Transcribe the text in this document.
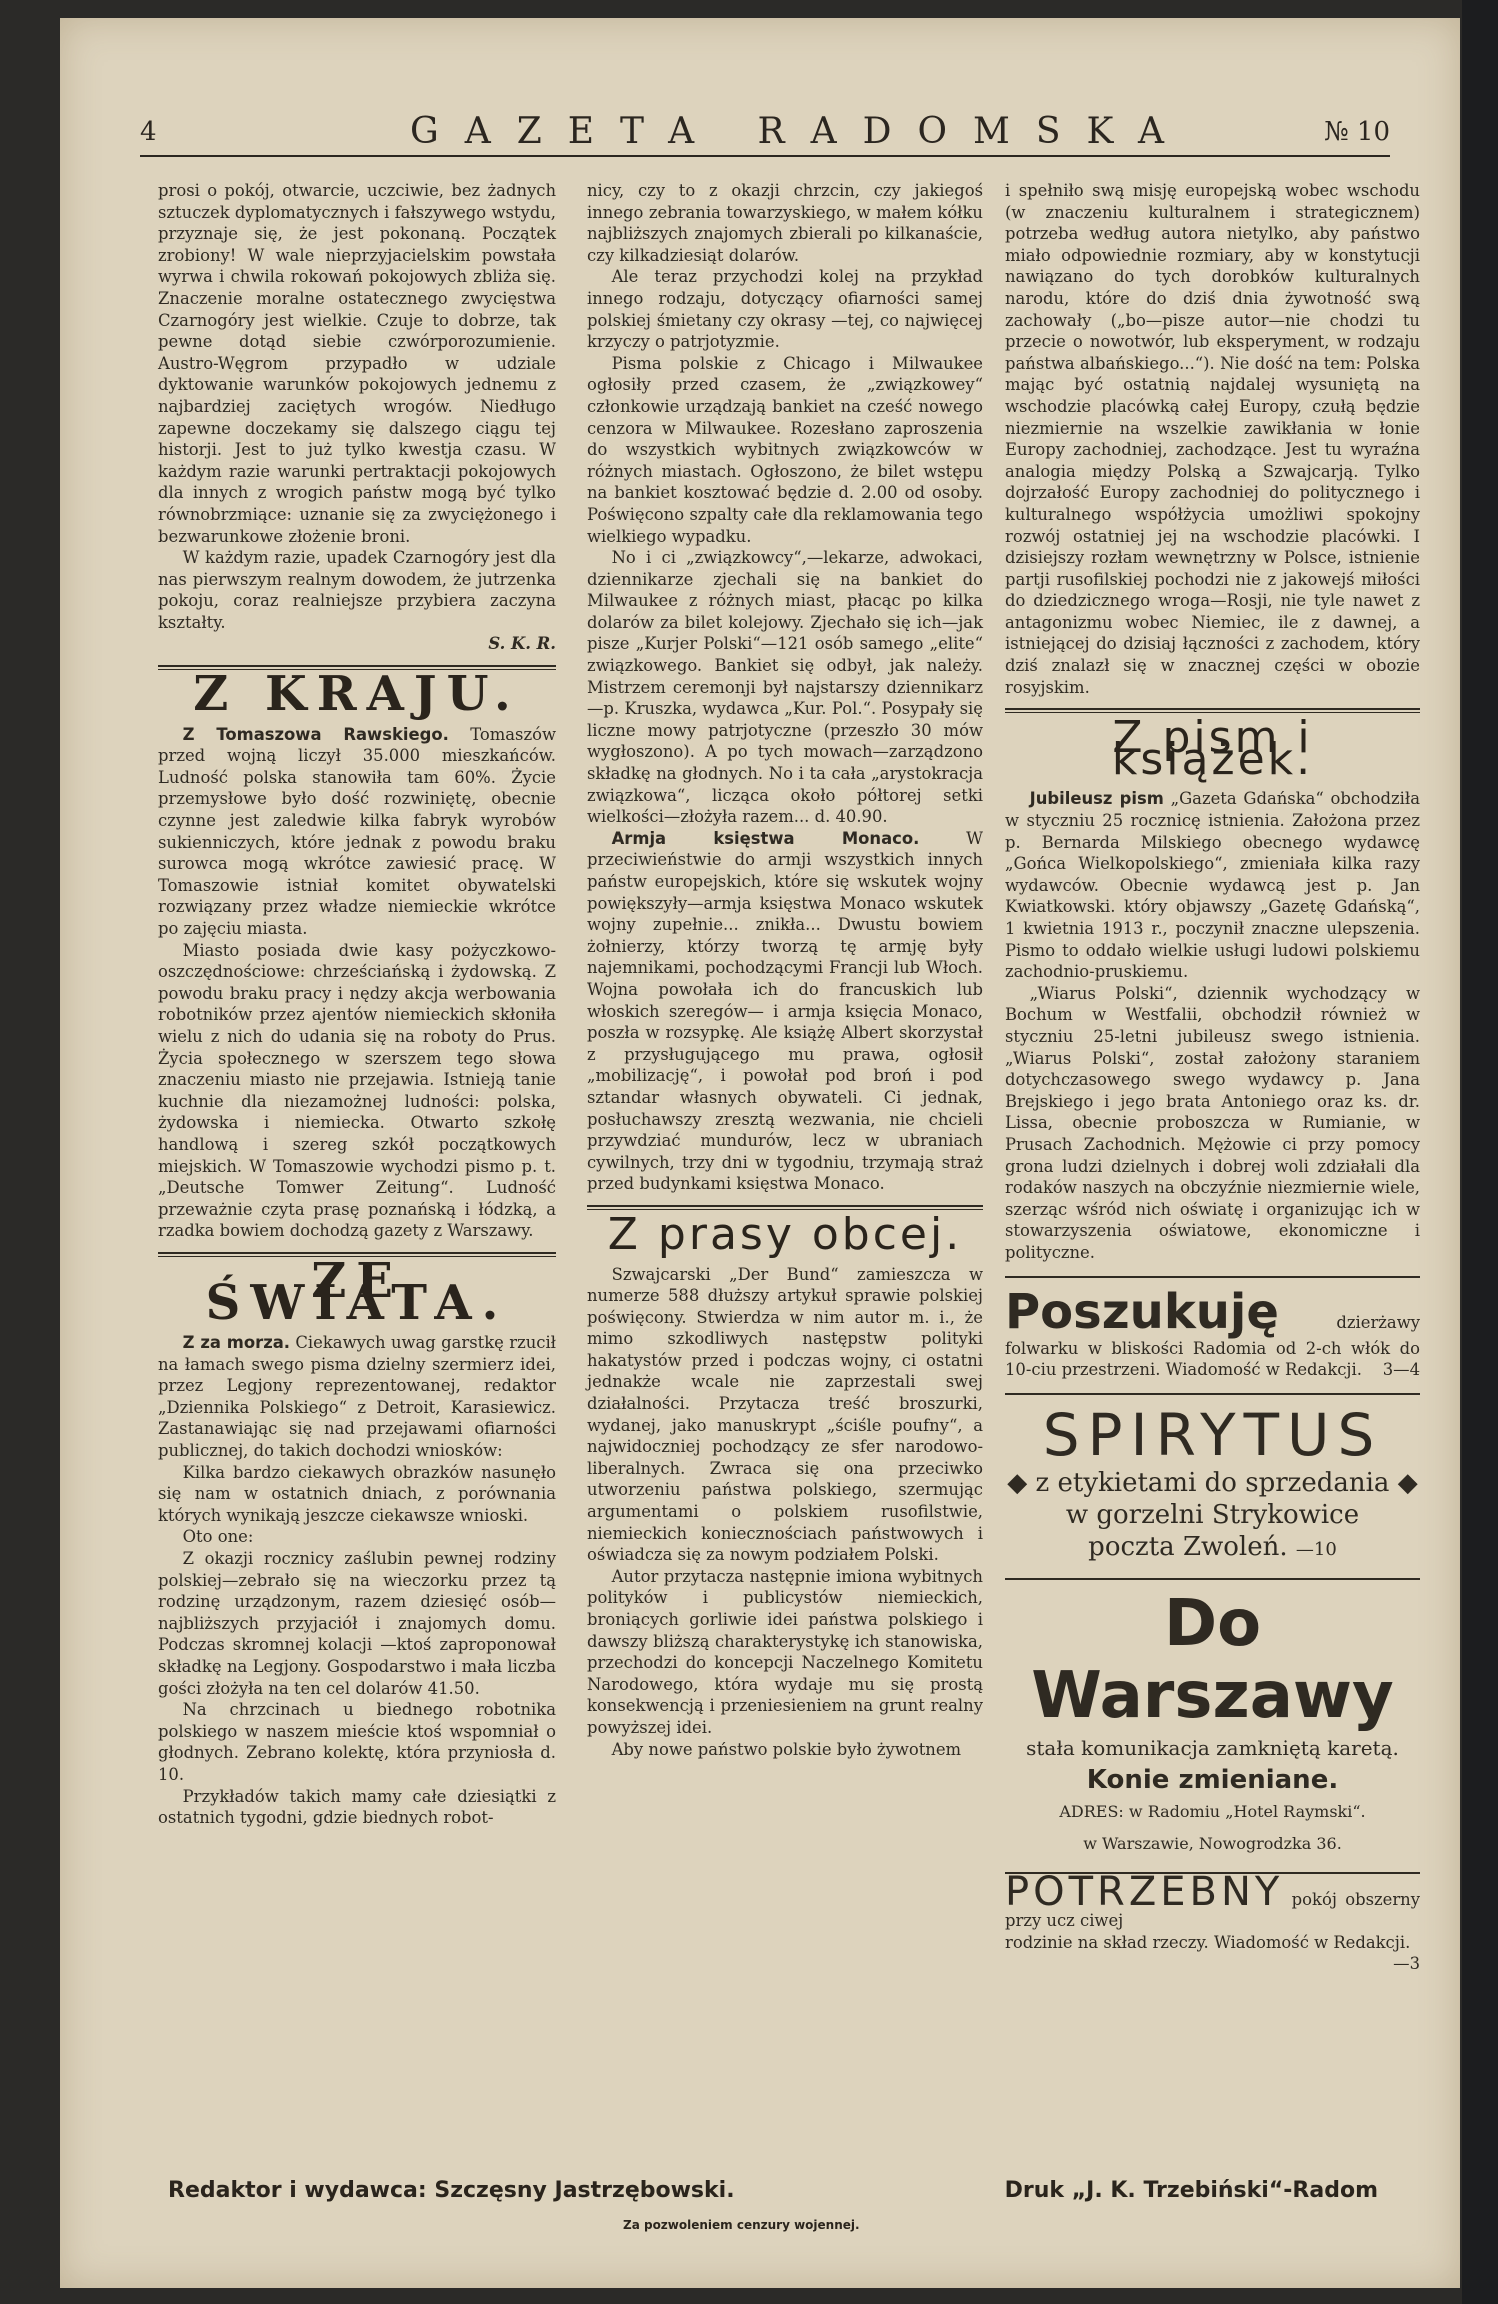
4	GAZETA RADOMSKA	№ 10

prosi o pokój, otwarcie, uczciwie, bez żadnych sztuczek dyplomatycznych i fałszywego wstydu, przyznaje się, że jest pokonaną. Początek zrobiony! W wale nieprzyjacielskim powstała wyrwa i chwila rokowań pokojowych zbliża się. Znaczenie moralne ostatecznego zwycięstwa Czarnogóry jest wielkie. Czuje to dobrze, tak pewne dotąd siebie czwórporozumienie. Austro-Węgrom przypadło w udziale dyktowanie warunków pokojowych jednemu z najbardziej zaciętych wrogów. Niedługo zapewne doczekamy się dalszego ciągu tej historji. Jest to już tylko kwestja czasu. W każdym razie warunki pertraktacji pokojowych dla innych z wrogich państw mogą być tylko równobrzmiące: uznanie się za zwyciężonego i bezwarunkowe złożenie broni.

W każdym razie, upadek Czarnogóry jest dla nas pierwszym realnym dowodem, że jutrzenka pokoju, coraz realniejsze przybiera zaczyna kształty.

S. K. R.

Z KRAJU.

Z Tomaszowa Rawskiego. Tomaszów przed wojną liczył 35.000 mieszkańców. Ludność polska stanowiła tam 60%. Życie przemysłowe było dość rozwiniętę, obecnie czynne jest zaledwie kilka fabryk wyrobów sukienniczych, które jednak z powodu braku surowca mogą wkrótce zawiesić pracę. W Tomaszowie istniał komitet obywatelski rozwiązany przez władze niemieckie wkrótce po zajęciu miasta.

Miasto posiada dwie kasy pożyczkowo-oszczędnościowe: chrześciańską i żydowską. Z powodu braku pracy i nędzy akcja werbowania robotników przez ajentów niemieckich skłoniła wielu z nich do udania się na roboty do Prus. Życia społecznego w szerszem tego słowa znaczeniu miasto nie przejawia. Istnieją tanie kuchnie dla niezamożnej ludności: polska, żydowska i niemiecka. Otwarto szkołę handlową i szereg szkół początkowych miejskich. W Tomaszowie wychodzi pismo p. t. „Deutsche Tomwer Zeitung“. Ludność przeważnie czyta prasę poznańską i łódzką, a rzadka bowiem dochodzą gazety z Warszawy.

ZE ŚWIATA.

Z za morza. Ciekawych uwag garstkę rzucił na łamach swego pisma dzielny szermierz idei, przez Legjony reprezentowanej, redaktor „Dziennika Polskiego“ z Detroit, Karasiewicz. Zastanawiając się nad przejawami ofiarności publicznej, do takich dochodzi wniosków:

Kilka bardzo ciekawych obrazków nasunęło się nam w ostatnich dniach, z porównania których wynikają jeszcze ciekawsze wnioski.

Oto one:

Z okazji rocznicy zaślubin pewnej rodziny polskiej—zebrało się na wieczorku przez tą rodzinę urządzonym, razem dziesięć osób—najbliższych przyjaciół i znajomych domu. Podczas skromnej kolacji —ktoś zaproponował składkę na Legjony. Gospodarstwo i mała liczba gości złożyła na ten cel dolarów 41.50.

Na chrzcinach u biednego robotnika polskiego w naszem mieście ktoś wspomniał o głodnych. Zebrano kolektę, która przyniosła d. 10.

Przykładów takich mamy całe dziesiątki z ostatnich tygodni, gdzie biednych robot-

nicy, czy to z okazji chrzcin, czy jakiegoś innego zebrania towarzyskiego, w małem kółku najbliższych znajomych zbierali po kilkanaście, czy kilkadziesiąt dolarów.

Ale teraz przychodzi kolej na przykład innego rodzaju, dotyczący ofiarności samej polskiej śmietany czy okrasy —tej, co najwięcej krzyczy o patrjotyzmie.

Pisma polskie z Chicago i Milwaukee ogłosiły przed czasem, że „związkowey“ członkowie urządzają bankiet na cześć nowego cenzora w Milwaukee. Rozesłano zaproszenia do wszystkich wybitnych związkowców w różnych miastach. Ogłoszono, że bilet wstępu na bankiet kosztować będzie d. 2.00 od osoby. Poświęcono szpalty całe dla reklamowania tego wielkiego wypadku.

No i ci „związkowcy“,—lekarze, adwokaci, dziennikarze zjechali się na bankiet do Milwaukee z różnych miast, płacąc po kilka dolarów za bilet kolejowy. Zjechało się ich—jak pisze „Kurjer Polski“—121 osób samego „elite“ związkowego. Bankiet się odbył, jak należy. Mistrzem ceremonji był najstarszy dziennikarz—p. Kruszka, wydawca „Kur. Pol.“. Posypały się liczne mowy patrjotyczne (przeszło 30 mów wygłoszono). A po tych mowach—zarządzono składkę na głodnych. No i ta cała „arystokracja związkowa“, licząca około półtorej setki wielkości—złożyła razem... d. 40.90.

Armja księstwa Monaco.	W przeciwieństwie do armji wszystkich innych państw europejskich, które się wskutek wojny powiększyły—armja księstwa Monaco wskutek wojny zupełnie... znikła... Dwustu bowiem żołnierzy, którzy tworzą tę armję były najemnikami, pochodzącymi Francji lub Włoch. Wojna powołała ich do francuskich lub włoskich szeregów— i armja księcia Monaco, poszła w rozsypkę. Ale książę Albert skorzystał z przysługującego mu prawa, ogłosił „mobilizację“, i powołał pod broń i pod sztandar własnych obywateli. Ci jednak, posłuchawszy zresztą wezwania, nie chcieli przywdziać mundurów, lecz w ubraniach cywilnych, trzy dni w tygodniu, trzymają straż przed budynkami księstwa Monaco.

Z prasy obcej.

Szwajcarski „Der Bund“ zamieszcza w numerze 588 dłuższy artykuł sprawie polskiej poświęcony. Stwierdza w nim autor m. i., że mimo szkodliwych następstw polityki hakatystów przed i podczas wojny, ci ostatni jednakże wcale nie zaprzestali swej działalności. Przytacza treść broszurki, wydanej, jako manuskrypt „ściśle poufny“, a najwidoczniej pochodzący ze sfer narodowo-liberalnych. Zwraca się ona przeciwko utworzeniu państwa polskiego, szermując argumentami o polskiem rusofilstwie, niemieckich koniecznościach państwowych i oświadcza się za nowym podziałem Polski.

Autor przytacza następnie imiona wybitnych polityków i publicystów niemieckich, broniących gorliwie idei państwa polskiego i dawszy bliższą charakterystykę ich stanowiska, przechodzi do koncepcji Naczelnego Komitetu Narodowego, która wydaje mu się prostą konsekwencją i przeniesieniem na grunt realny powyższej idei.

Aby nowe państwo polskie było żywotnem

i spełniło swą misję europejską wobec wschodu (w znaczeniu kulturalnem i strategicznem) potrzeba według autora nietylko, aby państwo miało odpowiednie rozmiary, aby w konstytucji nawiązano do tych dorobków kulturalnych narodu, które do dziś dnia żywotność swą zachowały („bo—pisze autor—nie chodzi tu przecie o nowotwór, lub eksperyment, w rodzaju państwa albańskiego...“). Nie dość na tem: Polska mając być ostatnią najdalej wysuniętą na wschodzie placówką całej Europy, czułą będzie niezmiernie na wszelkie zawikłania w łonie Europy zachodniej, zachodzące. Jest tu wyraźna analogia między Polską a Szwajcarją. Tylko dojrzałość Europy zachodniej do politycznego i kulturalnego współżycia umożliwi spokojny rozwój ostatniej jej na wschodzie placówki. I dzisiejszy rozłam wewnętrzny w Polsce, istnienie partji rusofilskiej pochodzi nie z jakowejś miłości do dziedzicznego wroga—Rosji, nie tyle nawet z antagonizmu wobec Niemiec, ile z dawnej, a istniejącej do dzisiaj łączności z zachodem, który dziś znalazł się w znacznej części w obozie rosyjskim.

Z pism i książek.

Jubileusz pism „Gazeta Gdańska“ obchodziła w styczniu 25 rocznicę istnienia. Założona przez p. Bernarda Milskiego obecnego wydawcę „Gońca Wielkopolskiego“, zmieniała kilka razy wydawców. Obecnie wydawcą jest p. Jan Kwiatkowski. który objawszy „Gazetę Gdańską“, 1 kwietnia 1913 r., poczynił znaczne ulepszenia. Pismo to oddało wielkie usługi ludowi polskiemu zachodnio-pruskiemu.

„Wiarus Polski“, dziennik wychodzący w Bochum w Westfalii, obchodził również w styczniu 25-letni jubileusz swego istnienia. „Wiarus Polski“, został założony staraniem dotychczasowego swego wydawcy p. Jana Brejskiego i jego brata Antoniego oraz ks. dr. Lissa, obecnie proboszcza w Rumianie, w Prusach Zachodnich. Mężowie ci przy pomocy grona ludzi dzielnych i dobrej woli zdziałali dla rodaków naszych na obczyźnie niezmiernie wiele, szerząc wśród nich oświatę i organizując ich w stowarzyszenia oświatowe, ekonomiczne i polityczne.

Poszukuję	dzierżawy folwarku w bliskości Radomia od 2-ch włók do 10-ciu przestrzeni. Wiadomość w Redakcji. 3—4
SPIRYTUS
◆ z etykietami do sprzedania ◆
w gorzelni Strykowice
poczta Zwoleń. —10
Do Warszawy
stała komunikacja zamkniętą karetą.
Konie zmieniane.
ADRES: w Radomiu „Hotel Raymski“.
w Warszawie, Nowogrodzka 36.
POTRZEBNY pokój obszerny przy ucz ciwej
rodzinie na skład rzeczy. Wiadomość w Redakcji.
—3
Redaktor i wydawca: Szczęsny Jastrzębowski.	Druk „J. K. Trzebiński“-Radom
Za pozwoleniem cenzury wojennej.
